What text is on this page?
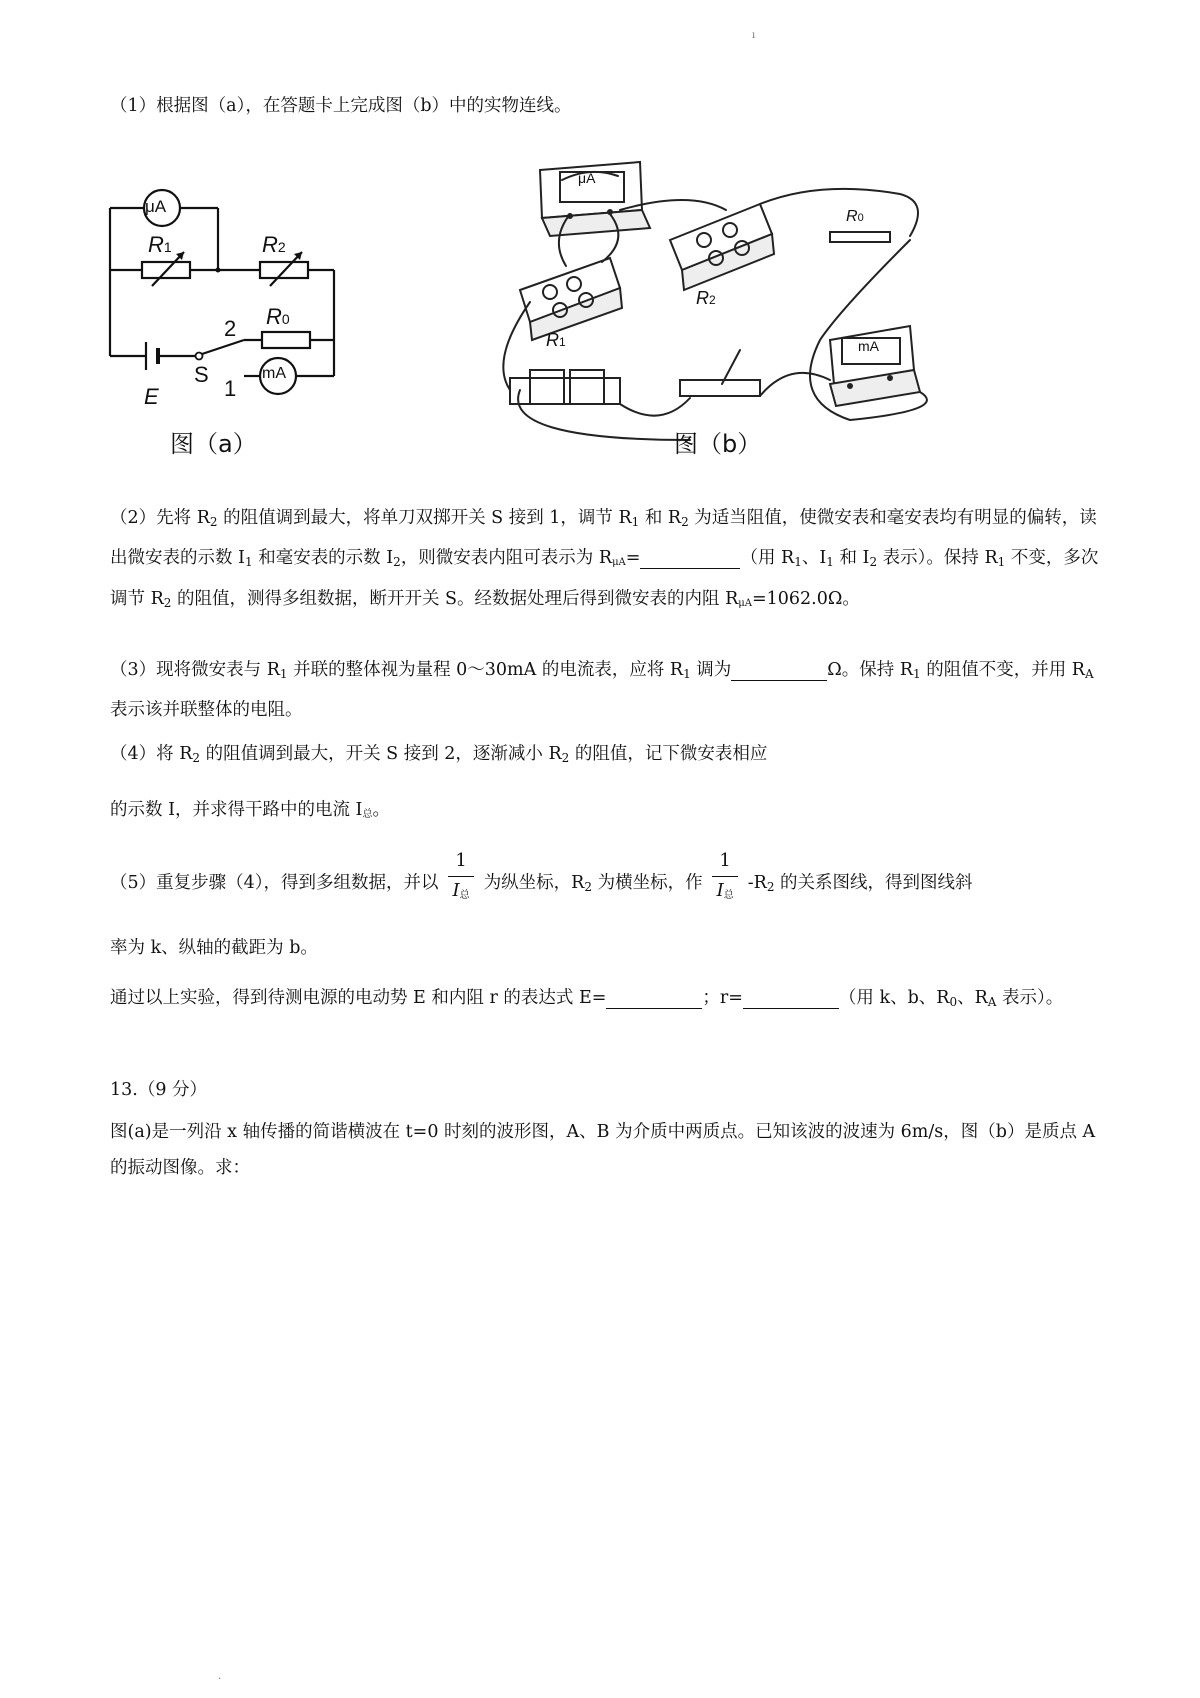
ı
（1）根据图（a），在答题卡上完成图（b）中的实物连线。
μA
mA
R1	R2
R0
2
1
S
E
图（a）
μA
mA
R0
R1
R2
图（b）
（2）先将 $R_2$ 的阻值调到最大，将单刀双掷开关 S 接到 1，调节 $R_1$ 和 $R_2$ 为适当阻值，使微安表和毫安表均有明显的偏转，读出微安表的示数 $I_1$ 和毫安表的示数 $I_2$，则微安表内阻可表示为 RμA=	（用 $R_1$、$I_1$ 和 $I_2$ 表示）。保持 $R_1$ 不变，多次调节 $R_2$ 的阻值，测得多组数据，断开开关 S。经数据处理后得到微安表的内阻 RμA=1062.0Ω。
（3）现将微安表与 $R_1$ 并联的整体视为量程 0～30mA 的电流表，应将 $R_1$ 调为	Ω。保持 $R_1$ 的阻值不变，并用 $R_A$ 表示该并联整体的电阻。
（4）将 $R_2$ 的阻值调到最大，开关 S 接到 2，逐渐减小 $R_2$ 的阻值，记下微安表相应
的示数 I，并求得干路中的电流 I总。
（5）重复步骤（4），得到多组数据，并以 $\frac{1}{\text{I总}}$ 为纵坐标，$R_2$ 为横坐标，作 $\frac{1}{\text{I总}} -R_2$ 的关系图线，得到图线斜
率为 k、纵轴的截距为 b。
通过以上实验，得到待测电源的电动势 E 和内阻 r 的表达式 E=	；r=	（用 k、b、$R_0$、$R_A$ 表示）。
13.（9 分）
图(a)是一列沿 x 轴传播的简谐横波在 t=0 时刻的波形图，A、B 为介质中两质点。已知该波的波速为 6m/s，图（b）是质点 A 的振动图像。求：
·
